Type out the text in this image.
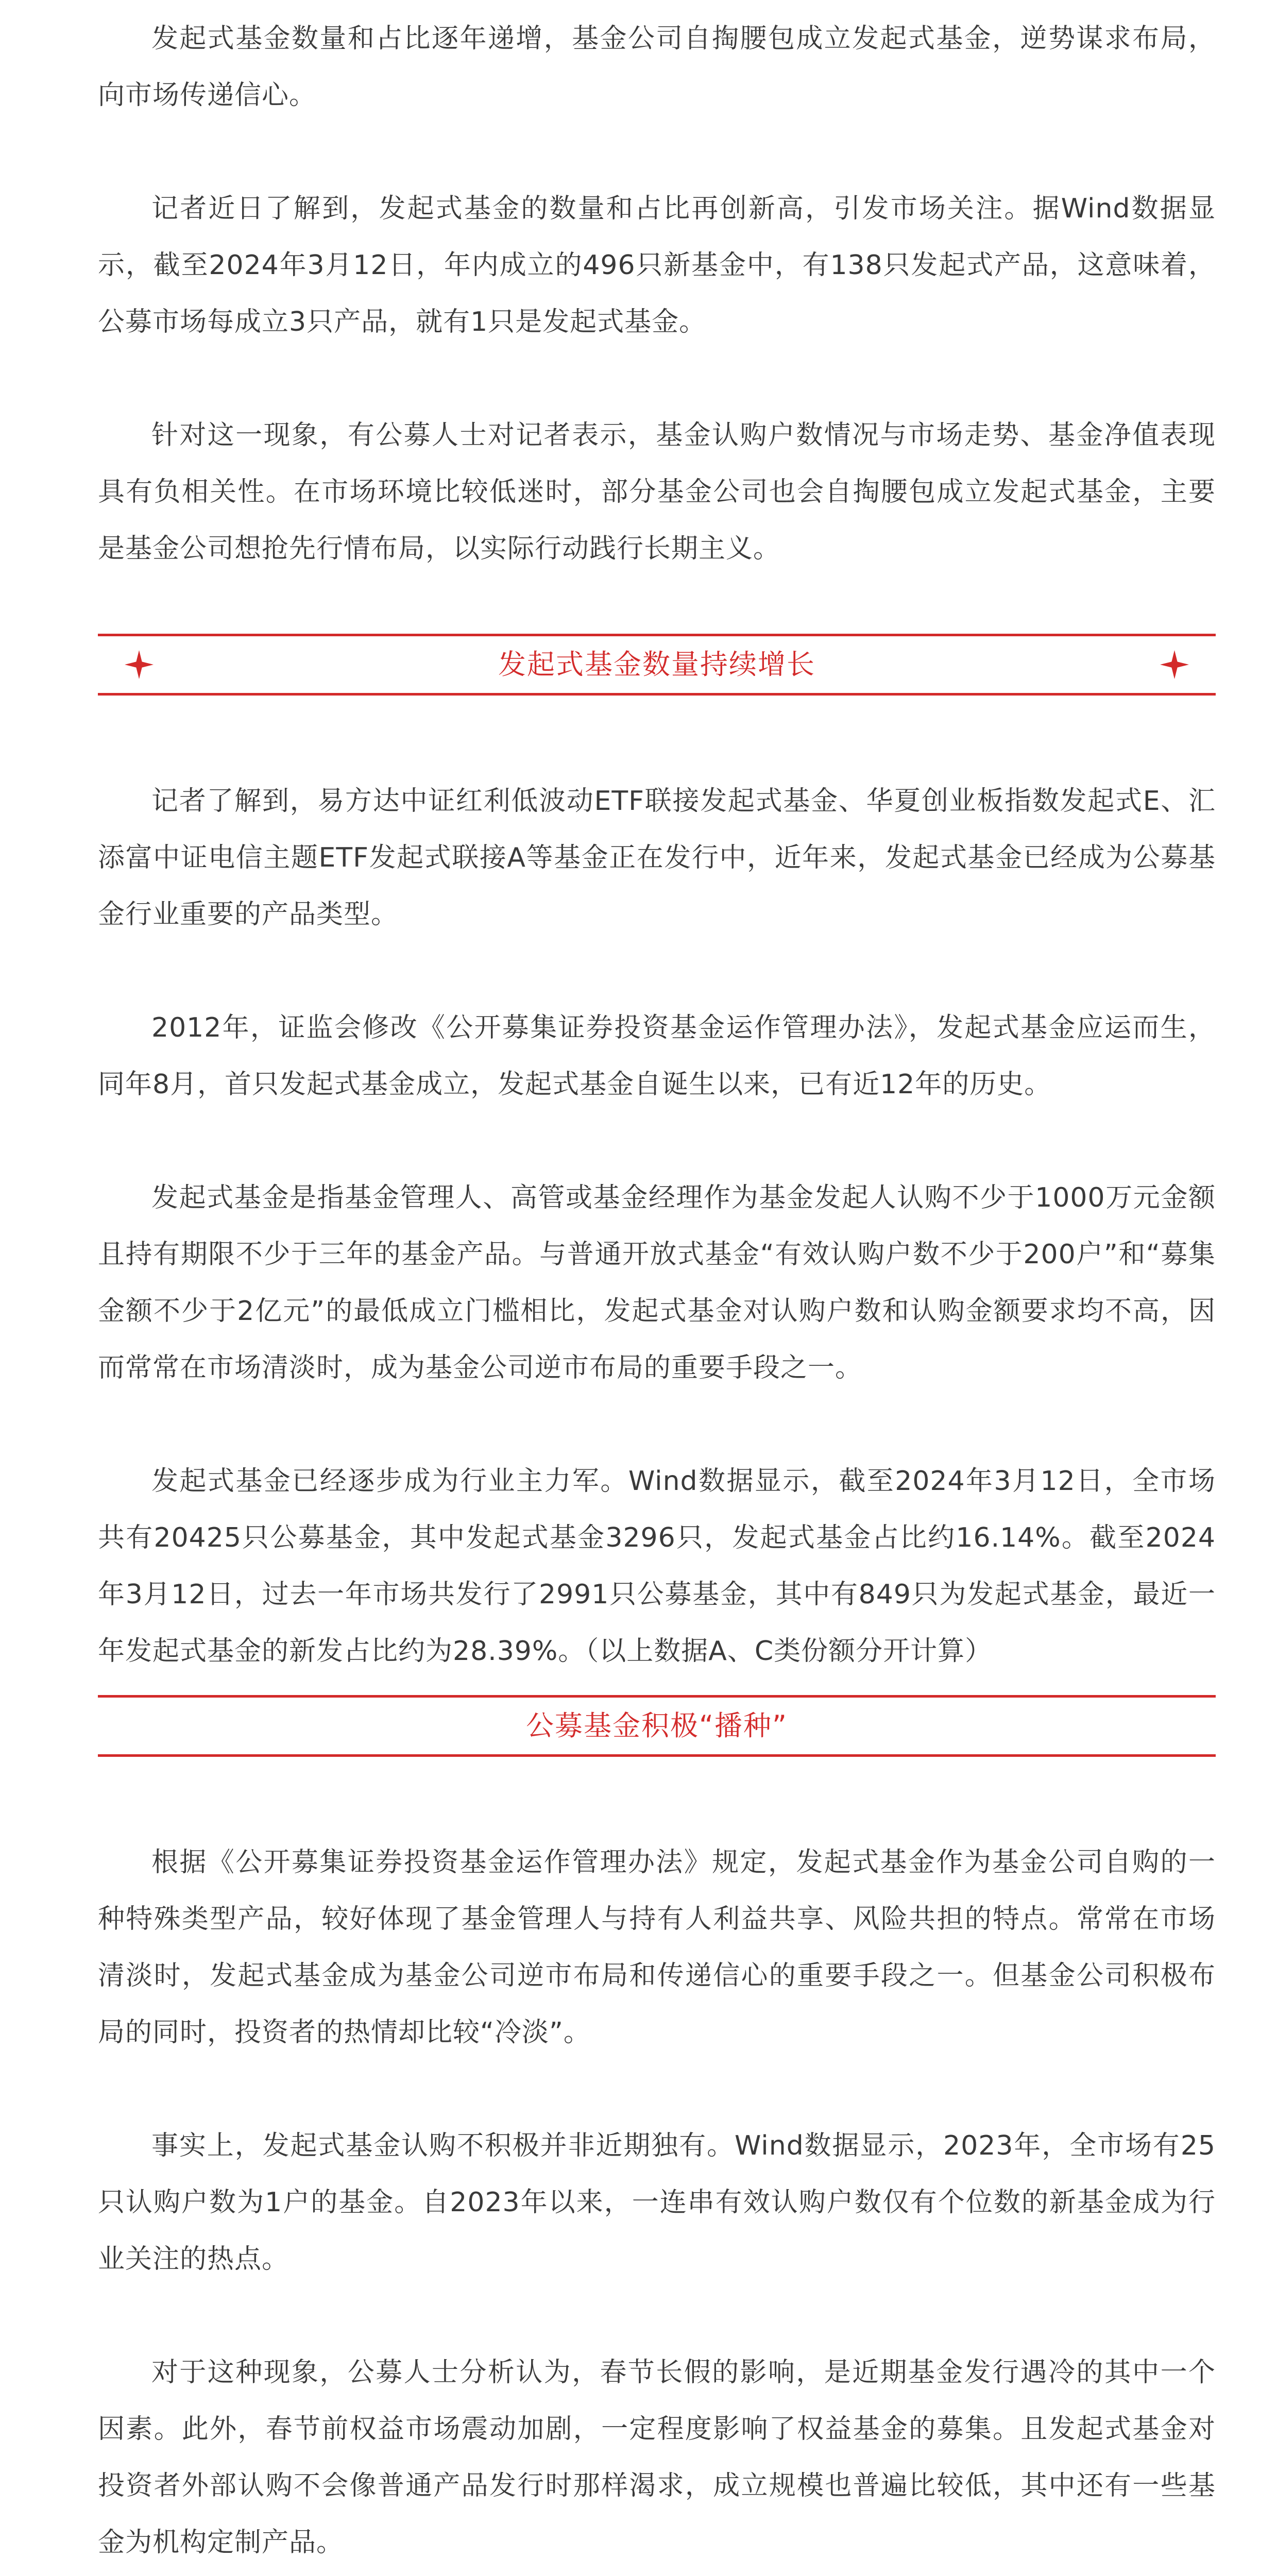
发起式基金数量和占比逐年递增，基金公司自掏腰包成立发起式基金，逆势谋求布局，向市场传递信心。

记者近日了解到，发起式基金的数量和占比再创新高，引发市场关注。据Wind数据显示，截至2024年3月12日，年内成立的496只新基金中，有138只发起式产品，这意味着，公募市场每成立3只产品，就有1只是发起式基金。

针对这一现象，有公募人士对记者表示，基金认购户数情况与市场走势、基金净值表现具有负相关性。在市场环境比较低迷时，部分基金公司也会自掏腰包成立发起式基金，主要是基金公司想抢先行情布局，以实际行动践行长期主义。

发起式基金数量持续增长

记者了解到，易方达中证红利低波动ETF联接发起式基金、华夏创业板指数发起式E、汇添富中证电信主题ETF发起式联接A等基金正在发行中，近年来，发起式基金已经成为公募基金行业重要的产品类型。

2012年，证监会修改《公开募集证券投资基金运作管理办法》，发起式基金应运而生，同年8月，首只发起式基金成立，发起式基金自诞生以来，已有近12年的历史。

发起式基金是指基金管理人、高管或基金经理作为基金发起人认购不少于1000万元金额且持有期限不少于三年的基金产品。与普通开放式基金“有效认购户数不少于200户”和“募集金额不少于2亿元”的最低成立门槛相比，发起式基金对认购户数和认购金额要求均不高，因而常常在市场清淡时，成为基金公司逆市布局的重要手段之一。

发起式基金已经逐步成为行业主力军。Wind数据显示，截至2024年3月12日，全市场共有20425只公募基金，其中发起式基金3296只，发起式基金占比约16.14%。截至2024年3月12日，过去一年市场共发行了2991只公募基金，其中有849只为发起式基金，最近一年发起式基金的新发占比约为28.39%。（以上数据A、C类份额分开计算）

公募基金积极“播种”

根据《公开募集证券投资基金运作管理办法》规定，发起式基金作为基金公司自购的一种特殊类型产品，较好体现了基金管理人与持有人利益共享、风险共担的特点。常常在市场清淡时，发起式基金成为基金公司逆市布局和传递信心的重要手段之一。但基金公司积极布局的同时，投资者的热情却比较“冷淡”。

事实上，发起式基金认购不积极并非近期独有。Wind数据显示，2023年，全市场有25只认购户数为1户的基金。自2023年以来，一连串有效认购户数仅有个位数的新基金成为行业关注的热点。

对于这种现象，公募人士分析认为，春节长假的影响，是近期基金发行遇冷的其中一个因素。此外，春节前权益市场震动加剧，一定程度影响了权益基金的募集。且发起式基金对投资者外部认购不会像普通产品发行时那样渴求，成立规模也普遍比较低，其中还有一些基金为机构定制产品。
